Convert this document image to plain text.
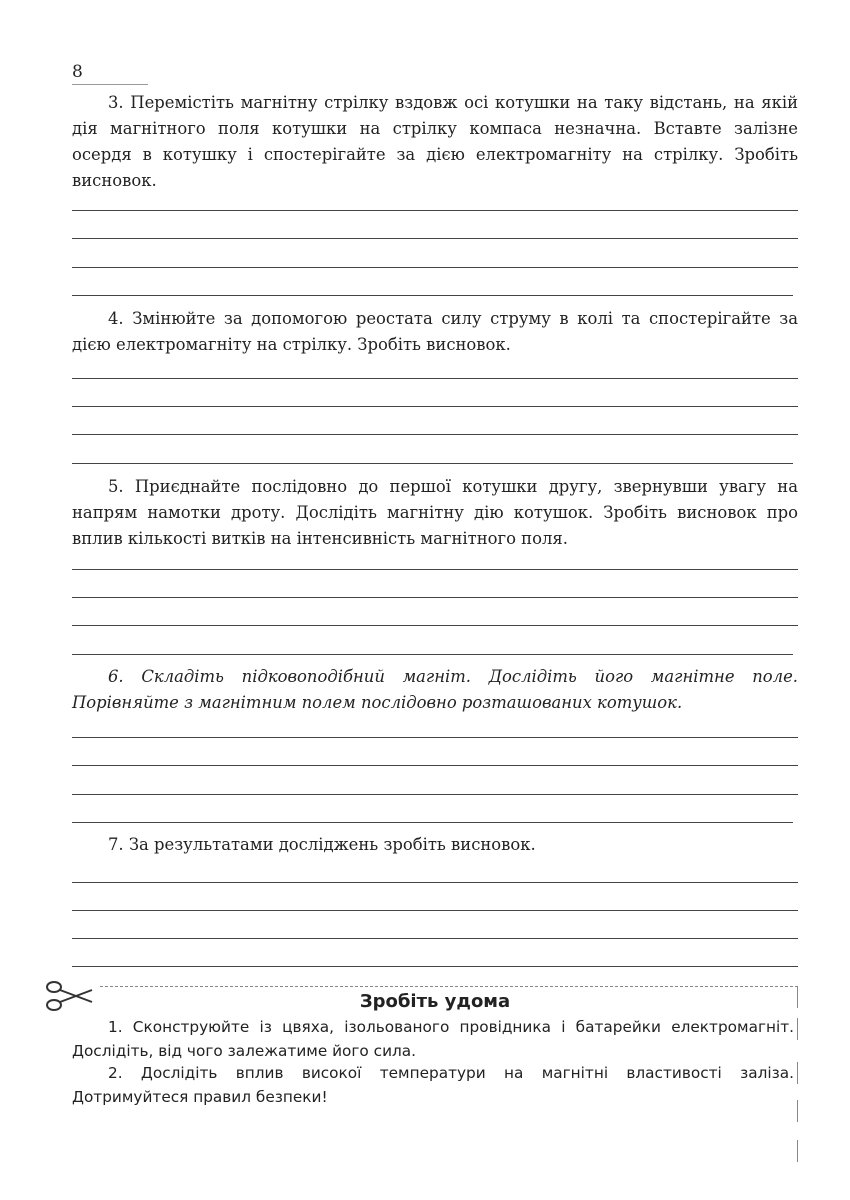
8

3. Перемістіть магнітну стрілку вздовж осі котушки на таку відстань, на якій дія магнітного поля котушки на стрілку компаса незначна. Вставте залізне осердя в котушку і спостерігайте за дією електромагніту на стрілку. Зробіть висновок.

4. Змінюйте за допомогою реостата силу струму в колі та спостерігайте за дією електромагніту на стрілку. Зробіть висновок.

5. Приєднайте послідовно до першої котушки другу, звернувши увагу на напрям намотки дроту. Дослідіть магнітну дію котушок. Зробіть висновок про вплив кількості витків на інтенсивність магнітного поля.

6. Складіть підковоподібний магніт. Дослідіть його магнітне поле. Порівняйте з магнітним полем послідовно розташованих котушок.

7. За результатами досліджень зробіть висновок.

Зробіть удома

1. Сконструюйте із цвяха, ізольованого провідника і батарейки електромагніт. Дослідіть, від чого залежатиме його сила.

2. Дослідіть вплив високої температури на магнітні властивості заліза. Дотримуйтеся правил безпеки!
